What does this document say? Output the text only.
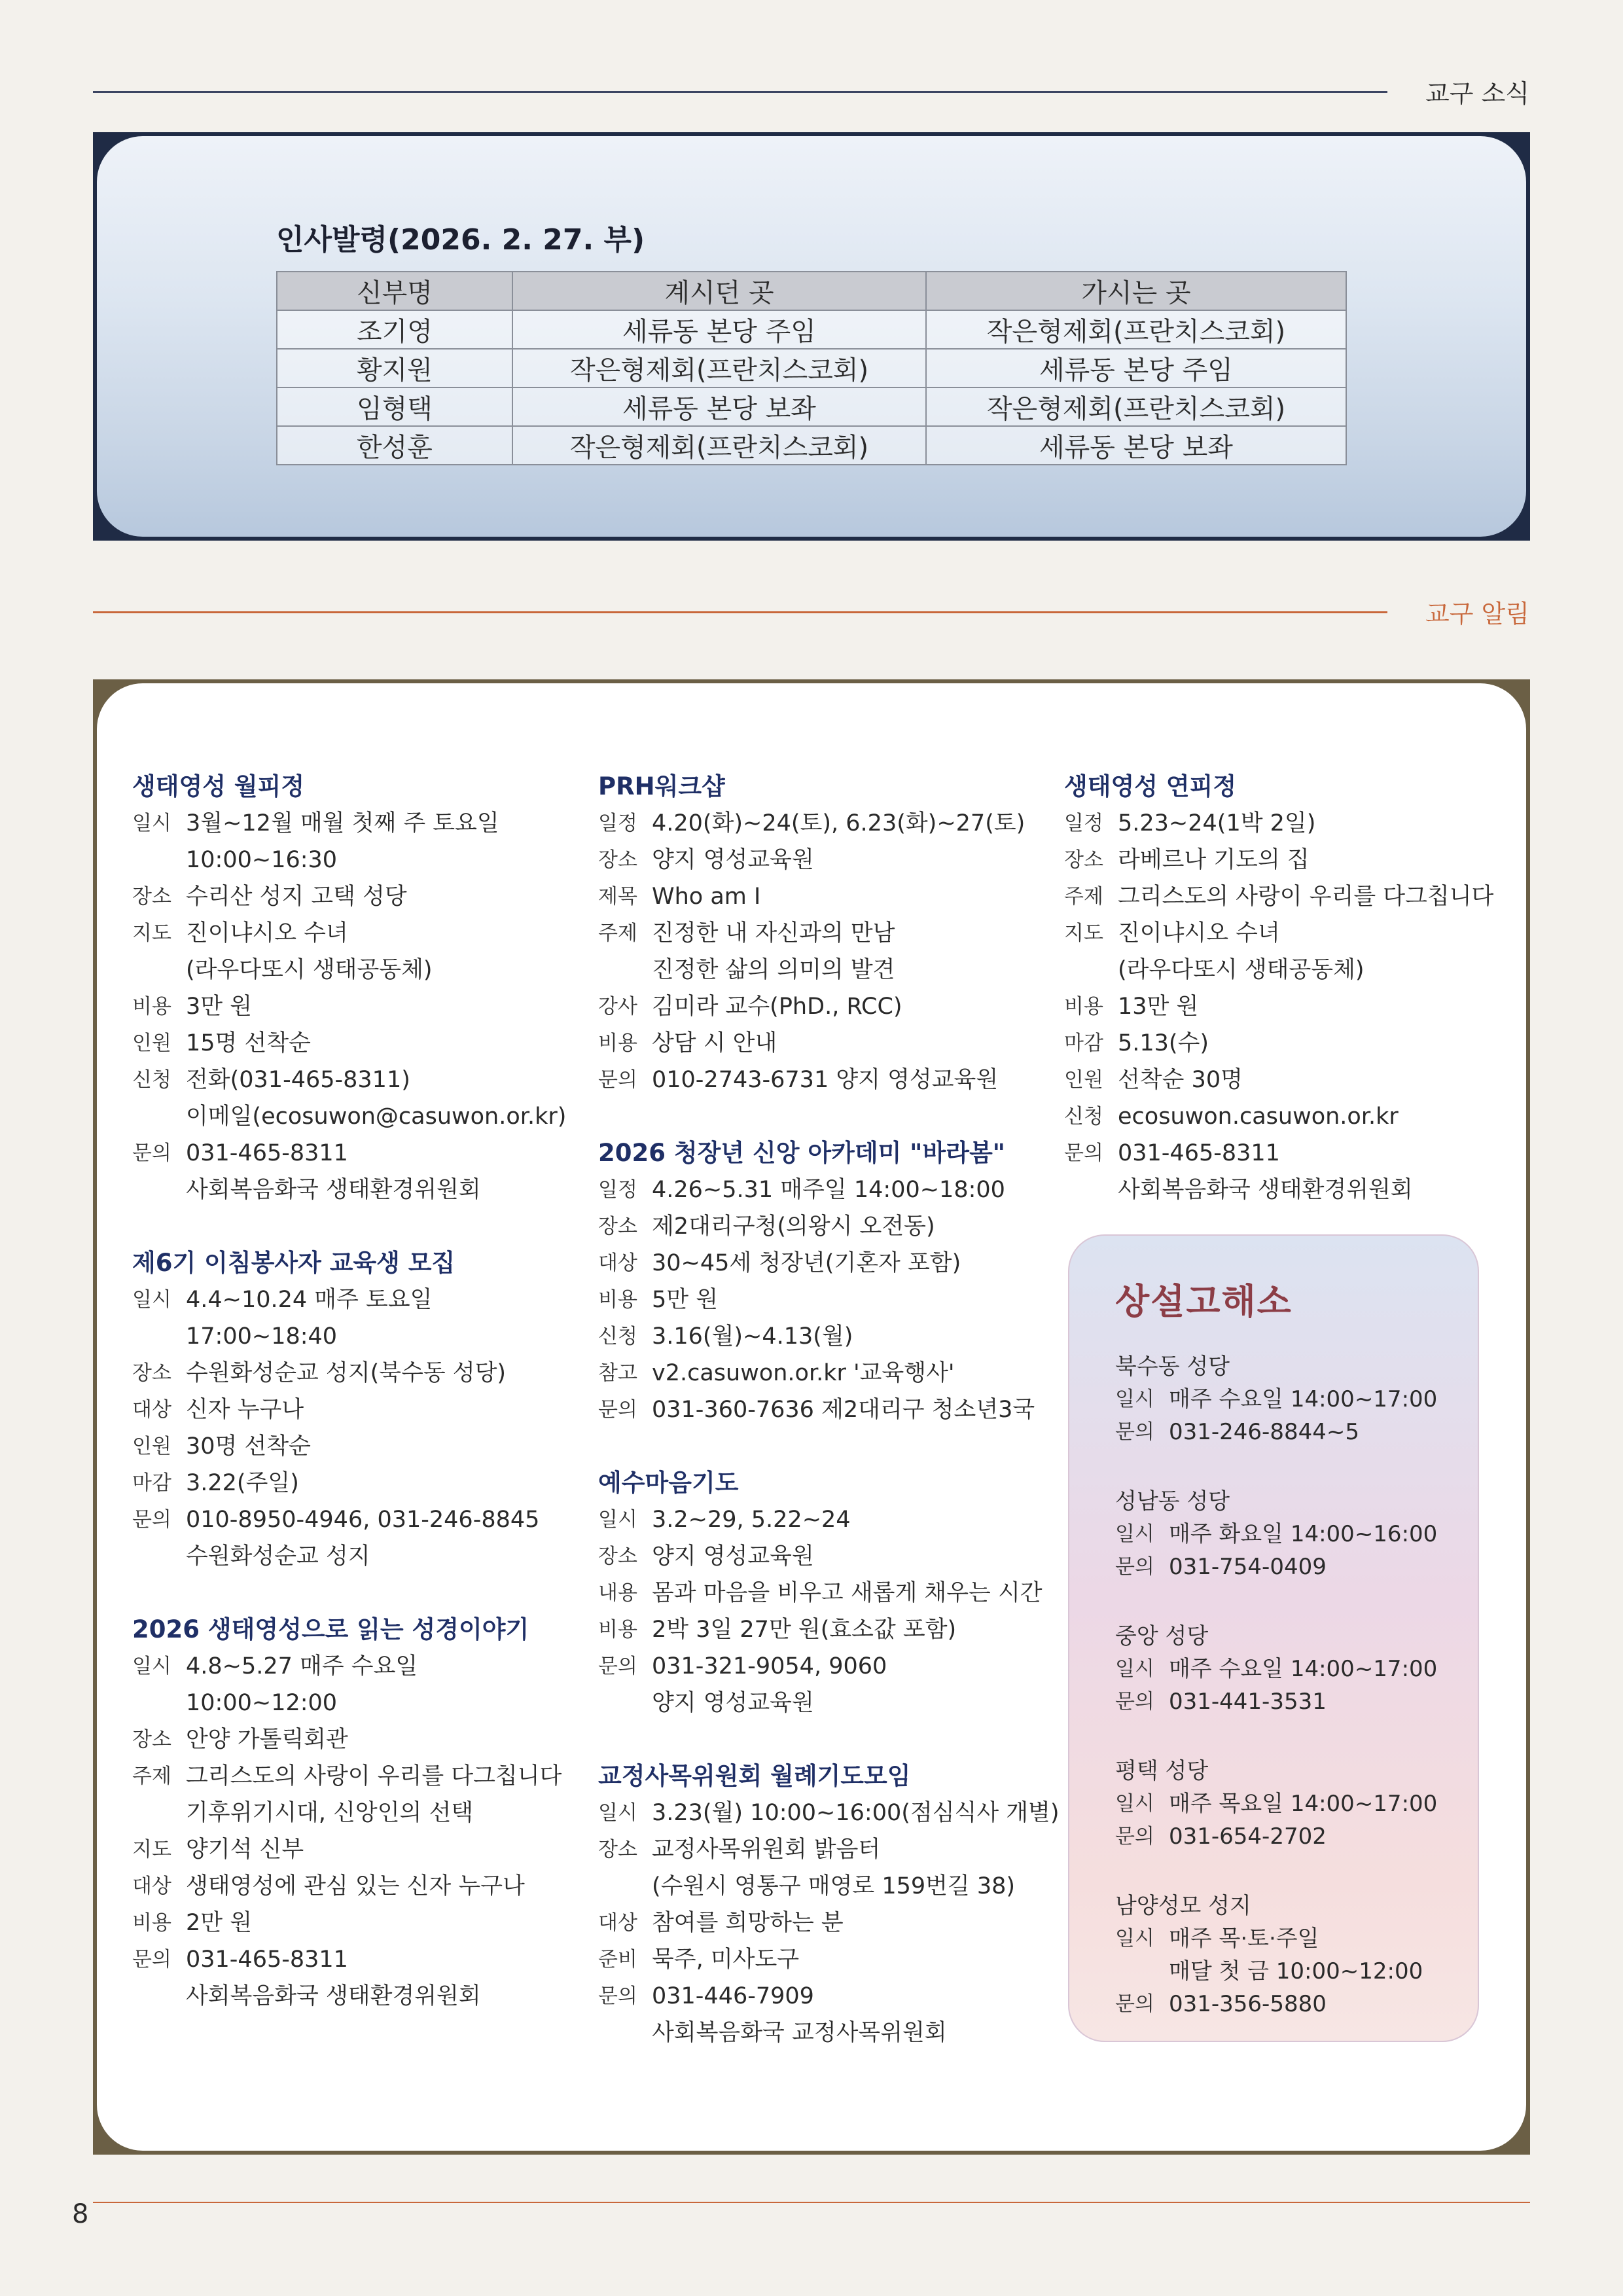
교구 소식
인사발령(2026. 2. 27. 부)
신부명	계시던 곳	가시는 곳
조기영	세류동 본당 주임	작은형제회(프란치스코회)
황지원	작은형제회(프란치스코회)	세류동 본당 주임
임형택	세류동 본당 보좌	작은형제회(프란치스코회)
한성훈	작은형제회(프란치스코회)	세류동 본당 보좌
교구 알림
생태영성 월피정
일시 3월~12월 매월 첫째 주 토요일
10:00~16:30
장소 수리산 성지 고택 성당
지도 진이냐시오 수녀
(라우다또시 생태공동체)
비용 3만 원
인원 15명 선착순
신청 전화(031-465-8311)
이메일(ecosuwon@casuwon.or.kr)
문의 031-465-8311
사회복음화국 생태환경위원회
제6기 이침봉사자 교육생 모집
일시 4.4~10.24 매주 토요일
17:00~18:40
장소 수원화성순교 성지(북수동 성당)
대상 신자 누구나
인원 30명 선착순
마감 3.22(주일)
문의 010-8950-4946, 031-246-8845
수원화성순교 성지
2026 생태영성으로 읽는 성경이야기
일시 4.8~5.27 매주 수요일
10:00~12:00
장소 안양 가톨릭회관
주제 그리스도의 사랑이 우리를 다그칩니다
기후위기시대, 신앙인의 선택
지도 양기석 신부
대상 생태영성에 관심 있는 신자 누구나
비용 2만 원
문의 031-465-8311
사회복음화국 생태환경위원회
PRH워크샵
일정 4.20(화)~24(토), 6.23(화)~27(토)
장소 양지 영성교육원
제목 Who am I
주제 진정한 내 자신과의 만남
진정한 삶의 의미의 발견
강사 김미라 교수(PhD., RCC)
비용 상담 시 안내
문의 010-2743-6731 양지 영성교육원
2026 청장년 신앙 아카데미 "바라봄"
일정 4.26~5.31 매주일 14:00~18:00
장소 제2대리구청(의왕시 오전동)
대상 30~45세 청장년(기혼자 포함)
비용 5만 원
신청 3.16(월)~4.13(월)
참고 v2.casuwon.or.kr '교육행사'
문의 031-360-7636 제2대리구 청소년3국
예수마음기도
일시 3.2~29, 5.22~24
장소 양지 영성교육원
내용 몸과 마음을 비우고 새롭게 채우는 시간
비용 2박 3일 27만 원(효소값 포함)
문의 031-321-9054, 9060
양지 영성교육원
교정사목위원회 월례기도모임
일시 3.23(월) 10:00~16:00(점심식사 개별)
장소 교정사목위원회 밝음터
(수원시 영통구 매영로 159번길 38)
대상 참여를 희망하는 분
준비 묵주, 미사도구
문의 031-446-7909
사회복음화국 교정사목위원회
생태영성 연피정
일정 5.23~24(1박 2일)
장소 라베르나 기도의 집
주제 그리스도의 사랑이 우리를 다그칩니다
지도 진이냐시오 수녀
(라우다또시 생태공동체)
비용 13만 원
마감 5.13(수)
인원 선착순 30명
신청 ecosuwon.casuwon.or.kr
문의 031-465-8311
사회복음화국 생태환경위원회
상설고해소
북수동 성당
일시 매주 수요일 14:00~17:00
문의 031-246-8844~5
성남동 성당
일시 매주 화요일 14:00~16:00
문의 031-754-0409
중앙 성당
일시 매주 수요일 14:00~17:00
문의 031-441-3531
평택 성당
일시 매주 목요일 14:00~17:00
문의 031-654-2702
남양성모 성지
일시 매주 목·토·주일
매달 첫 금 10:00~12:00
문의 031-356-5880
8
